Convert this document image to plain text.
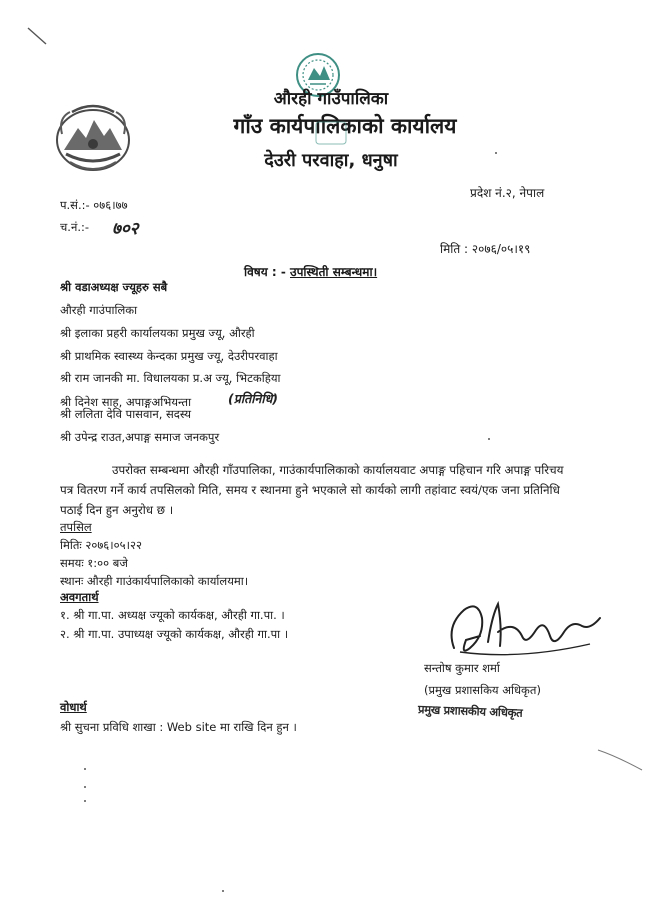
औरही गाउँपालिका
गाँउ कार्यपालिकाको कार्यालय
देउरी परवाहा, धनुषा
प्रदेश नं.२, नेपाल
प.सं.:- ०७६।७७
च.नं.:- ७०२
मिति : २०७६/०५।१९
विषय : - उपस्थिती सम्बन्धमा।
श्री वडाअध्यक्ष ज्यूहरु सबै
औरही गाउंपालिका
श्री इलाका प्रहरी कार्यालयका प्रमुख ज्यू, औरही
श्री प्राथमिक स्वास्थ्य केन्दका प्रमुख ज्यू, देउरीपरवाहा
श्री राम जानकी मा. विधालयका प्र.अ ज्यू, भिटकहिया
श्री दिनेश साह, अपाङ्गअभियन्ता	(प्रतिनिधि)
श्री ललिता देवि पासवान, सदस्य
श्री उपेन्द्र राउत,अपाङ्ग समाज जनकपुर
उपरोक्त सम्बन्धमा औरही गाँउपालिका, गाउंकार्यपालिकाको कार्यालयवाट अपाङ्ग पहिचान गरि अपाङ्ग परिचय पत्र वितरण गर्ने कार्य तपसिलको मिति, समय र स्थानमा हुने भएकाले सो कार्यको लागी तहांवाट स्वयं/एक जना प्रतिनिधि पठाई दिन हुन अनुरोध छ ।
तपसिल
मितिः २०७६।०५।२२
समयः १:०० बजे
स्थानः औरही गाउंकार्यपालिकाको कार्यालयमा।
अवगतार्थ
१. श्री गा.पा. अध्यक्ष ज्यूको कार्यकक्ष, औरही गा.पा. ।
२. श्री गा.पा. उपाध्यक्ष ज्यूको कार्यकक्ष, औरही गा.पा ।
सन्तोष कुमार शर्मा
(प्रमुख प्रशासकिय अधिकृत)
प्रमुख प्रशासकीय अधिकृत
वोधार्थ
श्री सुचना प्रविधि शाखा : Web site मा राखि दिन हुन ।
